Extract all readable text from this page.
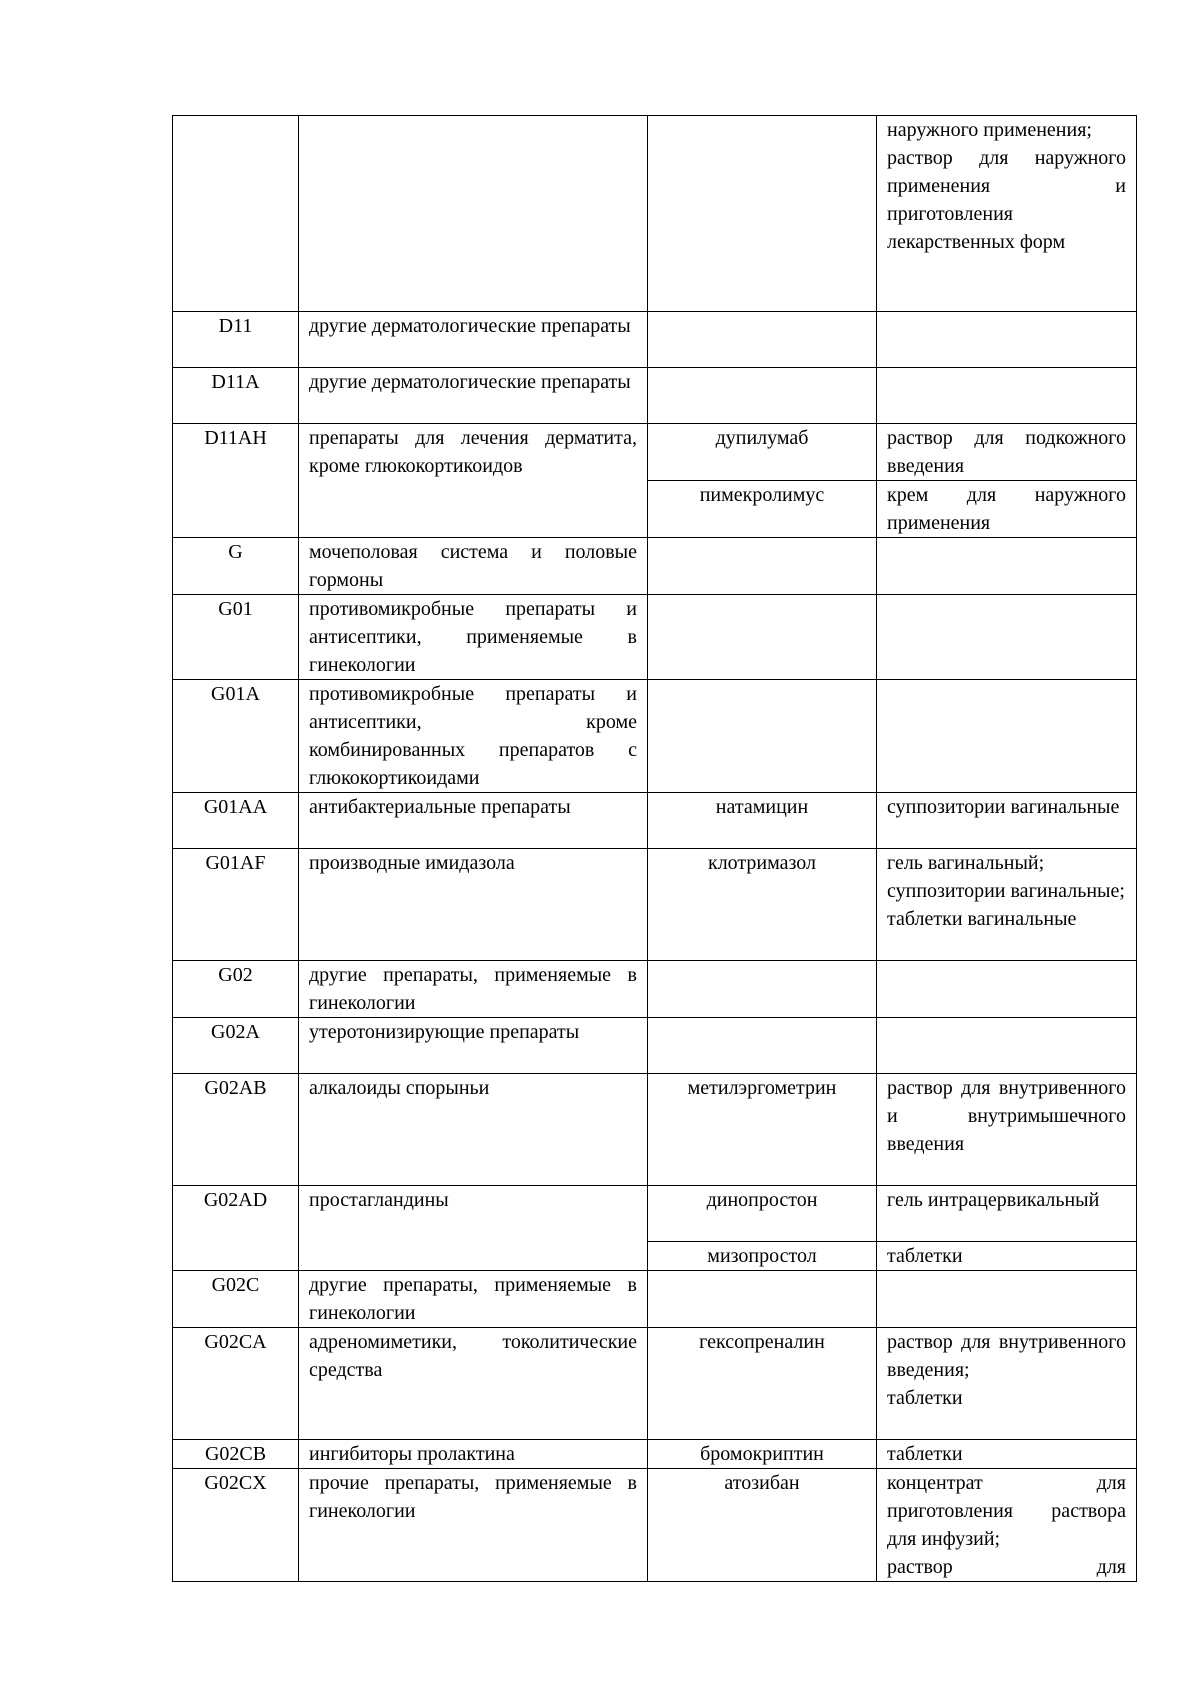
			наружного применения;

раствор для наружного применения и приготовления лекарственных форм

D11	другие дерматологические препараты		
D11A	другие дерматологические препараты		
D11AH	препараты для лечения дерматита, кроме глюкокортикоидов	дупилумаб	раствор для подкожного введения

		пимекролимус	крем для наружного применения

G	мочеполовая система и половые гормоны		
G01	противомикробные препараты и антисептики, применяемые в гинекологии		
G01A	противомикробные препараты и антисептики, кроме комбинированных препаратов с глюкокортикоидами		
G01AA	антибактериальные препараты	натамицин	суппозитории вагинальные

G01AF	производные имидазола	клотримазол	гель вагинальный;

суппозитории вагинальные;

таблетки вагинальные

G02	другие препараты, применяемые в гинекологии		
G02A	утеротонизирующие препараты		
G02AB	алкалоиды спорыньи	метилэргометрин	раствор для внутривенного и внутримышечного введения

G02AD	простагландины	динопростон	гель интрацервикальный

		мизопростол	таблетки

G02C	другие препараты, применяемые в гинекологии		
G02CA	адреномиметики, токолитические средства	гексопреналин	раствор для внутривенного введения;

таблетки

G02CB	ингибиторы пролактина	бромокриптин	таблетки

G02CX	прочие препараты, применяемые в гинекологии	атозибан	концентрат для приготовления раствора для инфузий;

раствор для
